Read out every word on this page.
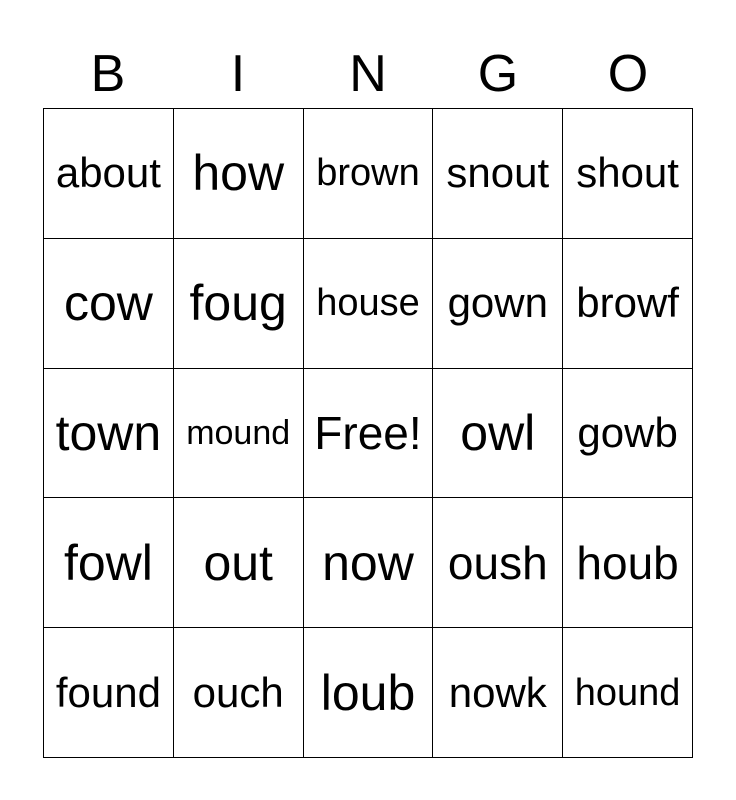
B	I	N	G	O
about how brown snout shout
cow foug house gown browf
town mound Free! owl gowb
fowl out now oush houb
found ouch loub nowk hound
